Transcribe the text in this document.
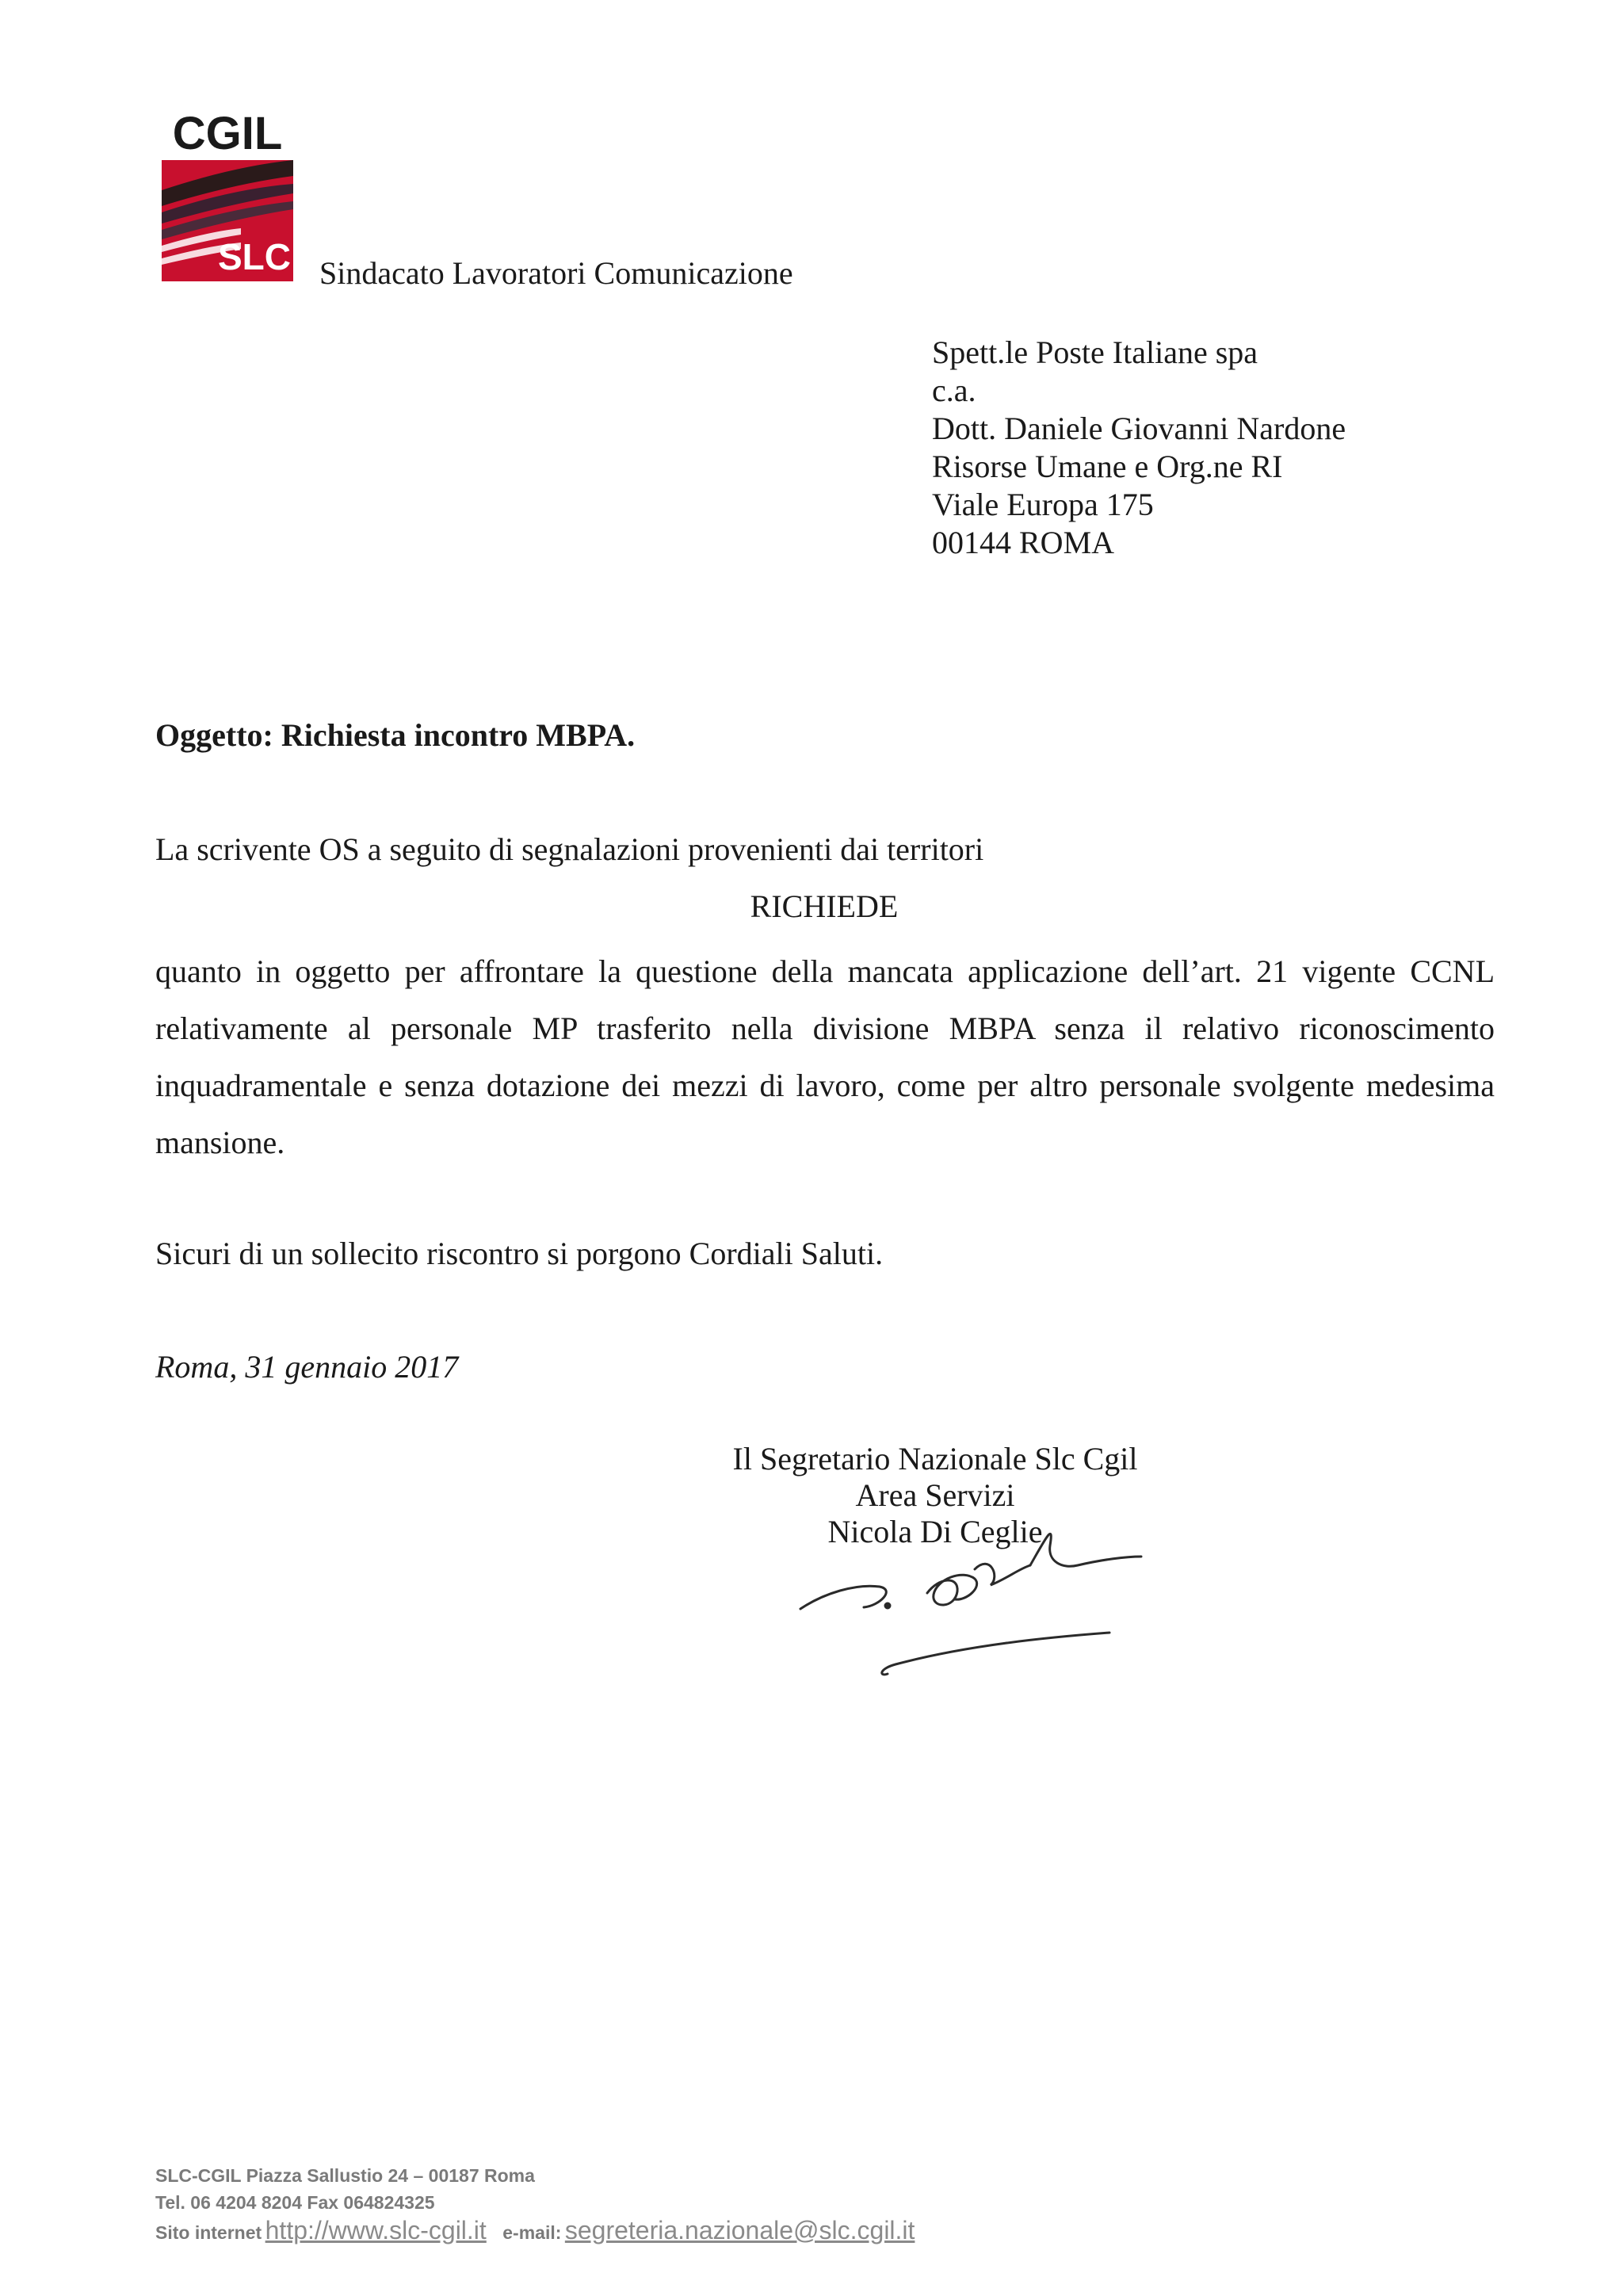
CGIL
SLC Sindacato Lavoratori Comunicazione
Spett.le Poste Italiane spa
c.a.
Dott. Daniele Giovanni Nardone
Risorse Umane e Org.ne RI
Viale Europa 175
00144 ROMA
Oggetto: Richiesta incontro MBPA.
La scrivente OS a seguito di segnalazioni provenienti dai territori
RICHIEDE
quanto in oggetto per affrontare la questione della mancata applicazione dell’art. 21 vigente CCNL relativamente al personale MP trasferito nella divisione MBPA senza il relativo riconoscimento inquadramentale e senza dotazione dei mezzi di lavoro, come per altro personale svolgente medesima mansione.
Sicuri di un sollecito riscontro si porgono Cordiali Saluti.
Roma, 31 gennaio 2017
Il Segretario Nazionale Slc Cgil
Area Servizi
Nicola Di Ceglie
SLC-CGIL Piazza Sallustio 24 – 00187 Roma
Tel. 06 4204 8204 Fax 064824325
Sito internet http://www.slc-cgil.it e-mail: segreteria.nazionale@slc.cgil.it
